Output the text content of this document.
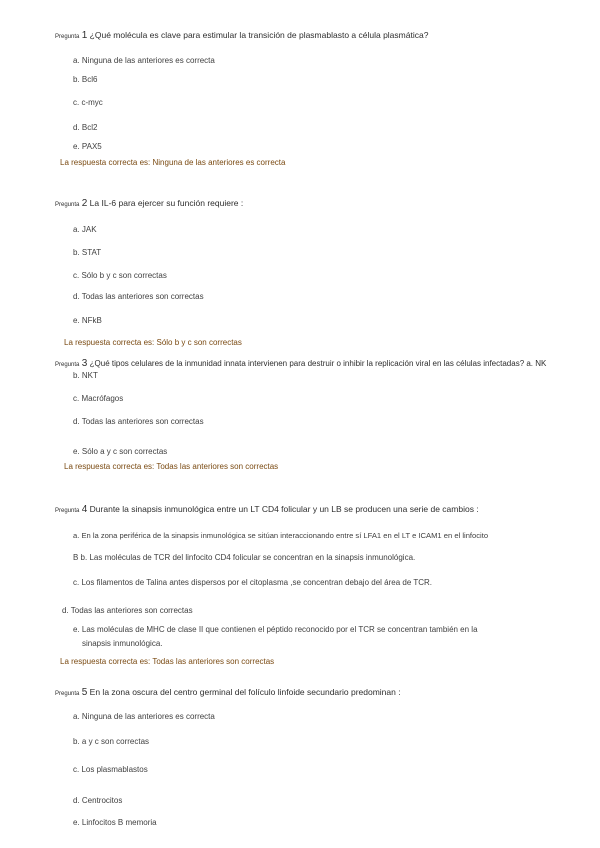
Pregunta 1 ¿Qué molécula es clave para estimular la transición de plasmablasto a célula plasmática?
a. Ninguna de las anteriores es correcta
b. Bcl6
c. c-myc
d. Bcl2
e. PAX5
La respuesta correcta es: Ninguna de las anteriores es correcta
Pregunta 2 La IL-6 para ejercer su función requiere :
a. JAK
b. STAT
c. Sólo b y c son correctas
d. Todas las anteriores son correctas
e. NFkB
La respuesta correcta es: Sólo b y c son correctas
Pregunta 3 ¿Qué tipos celulares de la inmunidad innata intervienen para destruir o inhibir la replicación viral en las células infectadas? a. NK
b. NKT
c. Macrófagos
d. Todas las anteriores son correctas
e. Sólo a y c son correctas
La respuesta correcta es: Todas las anteriores son correctas
Pregunta 4 Durante la sinapsis inmunológica entre un LT CD4 folicular y un LB se producen una serie de cambios :
a. En la zona periférica de la sinapsis inmunológica se sitúan interaccionando entre sí LFA1 en el LT e ICAM1 en el linfocito
B b. Las moléculas de TCR del linfocito CD4 folicular se concentran en la sinapsis inmunológica.
c. Los filamentos de Talina antes dispersos por el citoplasma ,se concentran debajo del área de TCR.
d. Todas las anteriores son correctas
e. Las moléculas de MHC de clase II que contienen el péptido reconocido por el TCR se concentran también en la
sinapsis inmunológica.
La respuesta correcta es: Todas las anteriores son correctas
Pregunta 5 En la zona oscura del centro germinal del folículo linfoide secundario predominan :
a. Ninguna de las anteriores es correcta
b. a y c son correctas
c. Los plasmablastos
d. Centrocitos
e. Linfocitos B memoria
